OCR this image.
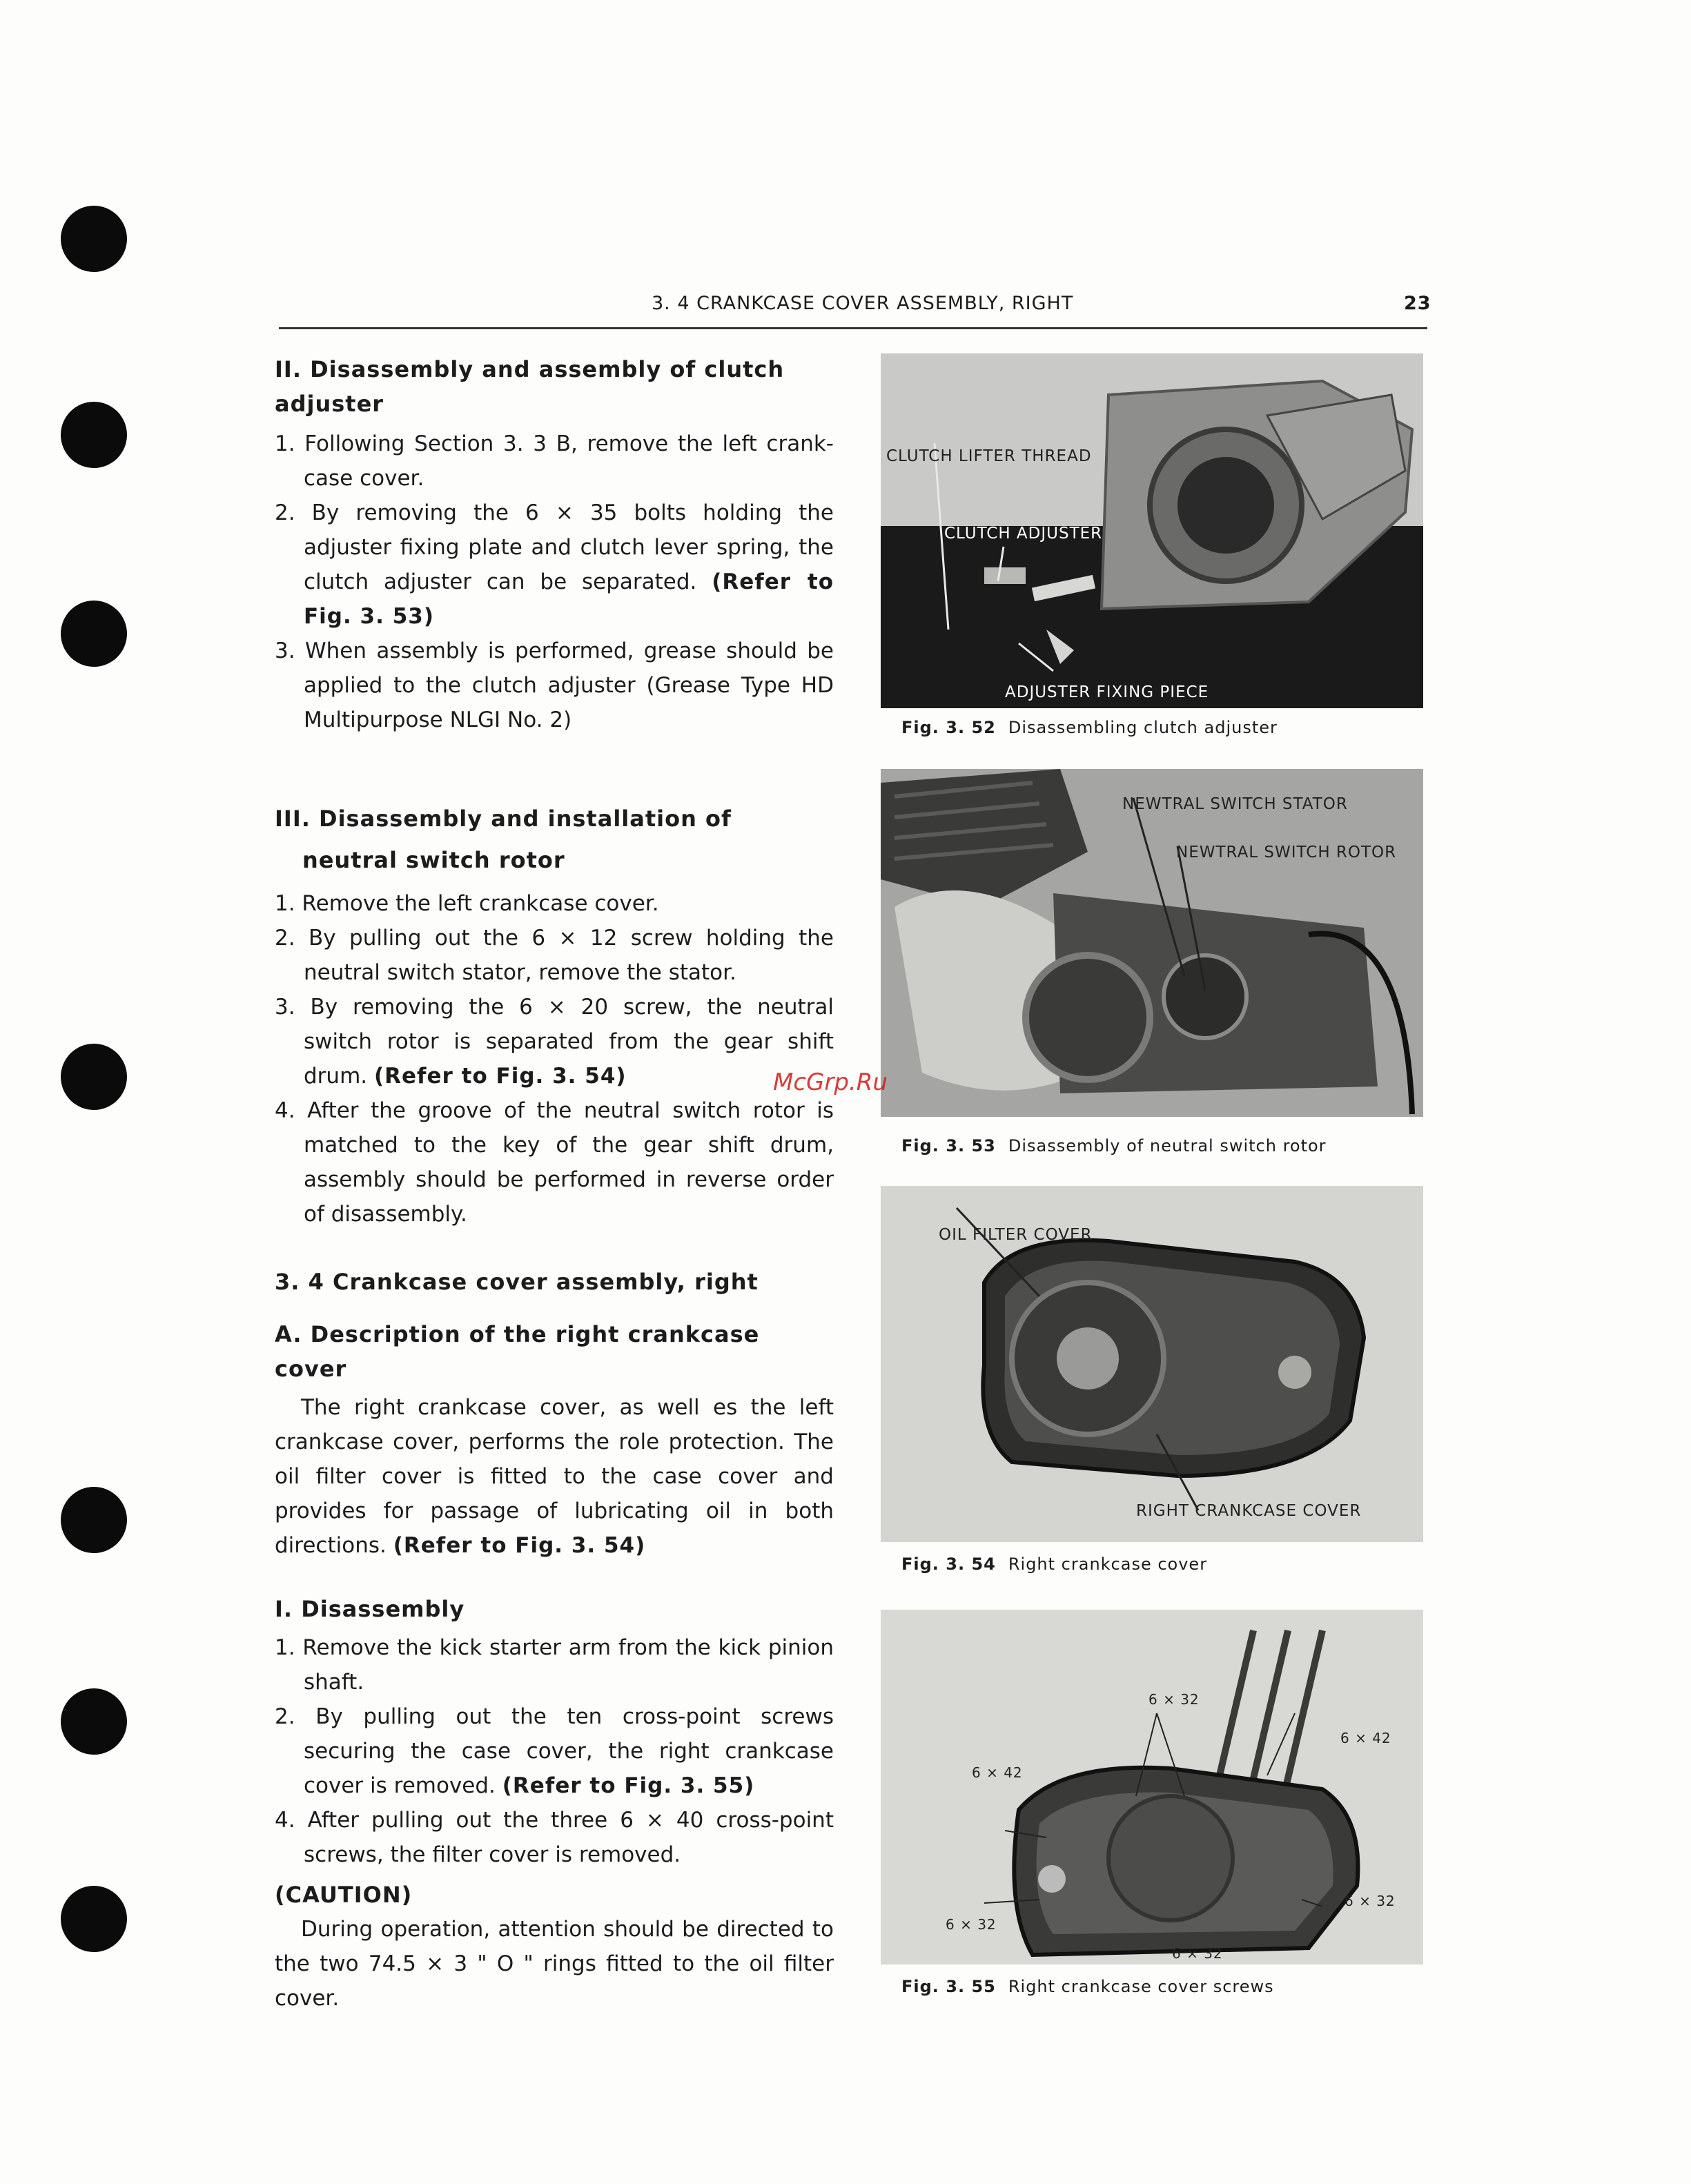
3. 4 CRANKCASE COVER ASSEMBLY, RIGHT	23
II. Disassembly and assembly of clutch adjuster
1. Following Section 3. 3 B, remove the left crank-case cover.
2. By removing the 6 × 35 bolts holding the adjuster fixing plate and clutch lever spring, the clutch adjuster can be separated. (Refer to Fig. 3. 53)
3. When assembly is performed, grease should be applied to the clutch adjuster (Grease Type HD Multipurpose NLGI No. 2)
III. Disassembly and installation of neutral switch rotor
1. Remove the left crankcase cover.
2. By pulling out the 6 × 12 screw holding the neutral switch stator, remove the stator.
3. By removing the 6 × 20 screw, the neutral switch rotor is separated from the gear shift drum. (Refer to Fig. 3. 54)
4. After the groove of the neutral switch rotor is matched to the key of the gear shift drum, assembly should be performed in reverse order of disassembly.
3. 4 Crankcase cover assembly, right
A. Description of the right crankcase cover
The right crankcase cover, as well es the left crankcase cover, performs the role protection. The oil filter cover is fitted to the case cover and provides for passage of lubricating oil in both directions. (Refer to Fig. 3. 54)
I. Disassembly
1. Remove the kick starter arm from the kick pinion shaft.
2. By pulling out the ten cross-point screws securing the case cover, the right crankcase cover is removed. (Refer to Fig. 3. 55)
4. After pulling out the three 6 × 40 cross-point screws, the filter cover is removed.
(CAUTION)
During operation, attention should be directed to the two 74.5 × 3 " O " rings fitted to the oil filter cover.
CLUTCH LIFTER THREAD
CLUTCH ADJUSTER
ADJUSTER FIXING PIECE
Fig. 3. 52 Disassembling clutch adjuster
NEWTRAL SWITCH STATOR
NEWTRAL SWITCH ROTOR
Fig. 3. 53 Disassembly of neutral switch rotor
OIL FILTER COVER
RIGHT CRANKCASE COVER
Fig. 3. 54 Right crankcase cover
6 × 32
6 × 42
6 × 42
6 × 32
6 × 32
6 × 32
Fig. 3. 55 Right crankcase cover screws
McGrp.Ru
